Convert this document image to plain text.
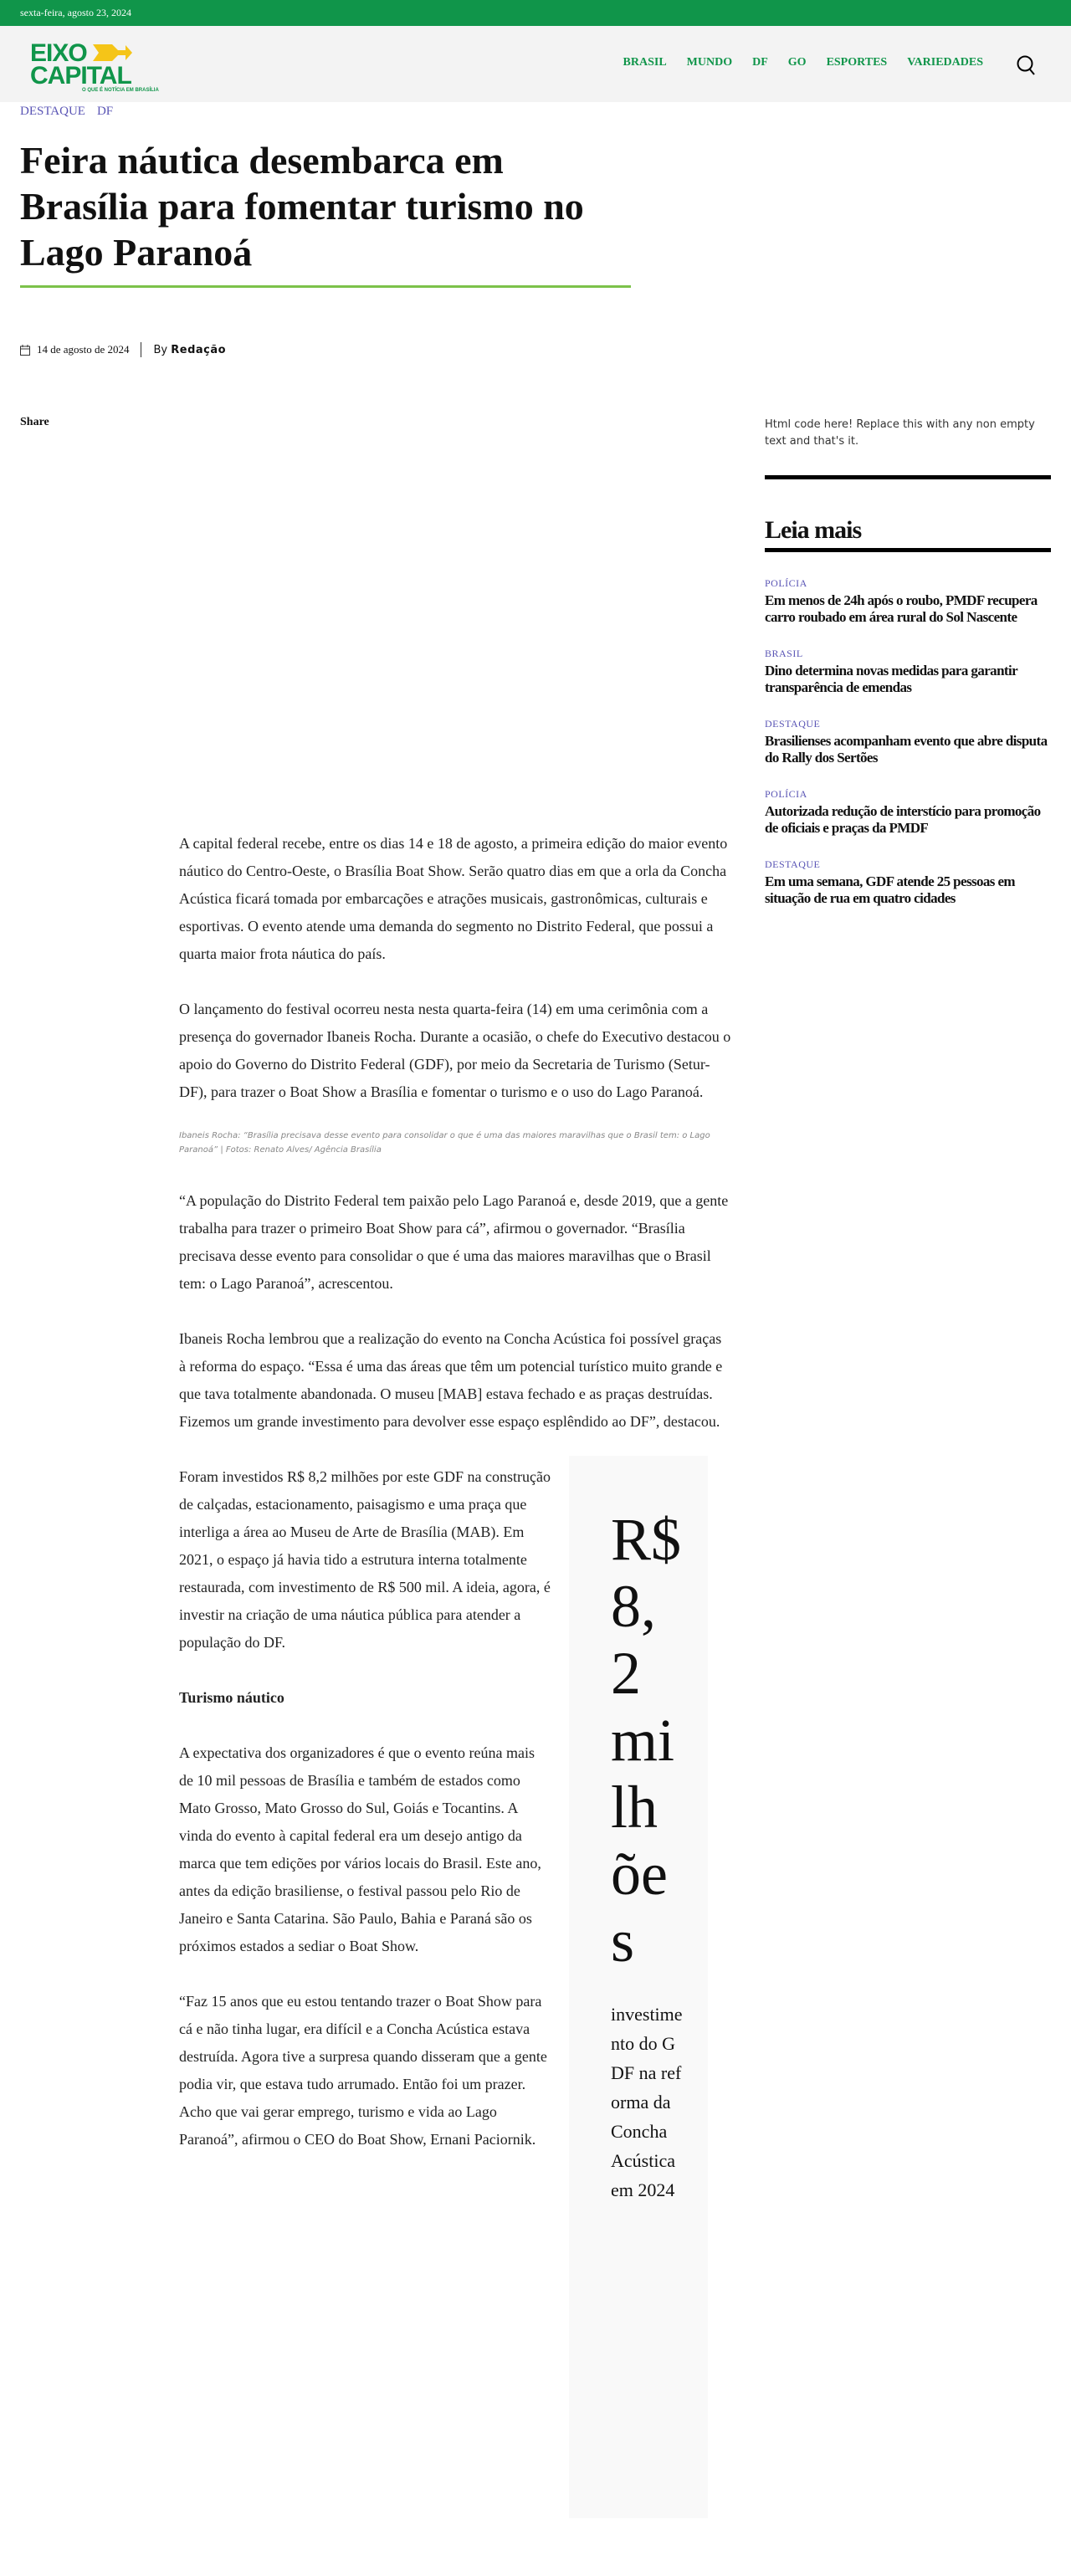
sexta-feira, agosto 23, 2024
EIXO
CAPITAL
O QUE É NOTÍCIA EM BRASÍLIA
BRASIL MUNDO DF GO ESPORTES VARIEDADES
DESTAQUE DF
Feira náutica desembarca em Brasília para fomentar turismo no Lago Paranoá
14 de agosto de 2024 By Redação
Share

A capital federal recebe, entre os dias 14 e 18 de agosto, a primeira edição do maior evento náutico do Centro-Oeste, o Brasília Boat Show. Serão quatro dias em que a orla da Concha Acústica ficará tomada por embarcações e atrações musicais, gastronômicas, culturais e esportivas. O evento atende uma demanda do segmento no Distrito Federal, que possui a quarta maior frota náutica do país.

O lançamento do festival ocorreu nesta nesta quarta-feira (14) em uma cerimônia com a presença do governador Ibaneis Rocha. Durante a ocasião, o chefe do Executivo destacou o apoio do Governo do Distrito Federal (GDF), por meio da Secretaria de Turismo (Setur-DF), para trazer o Boat Show a Brasília e fomentar o turismo e o uso do Lago Paranoá.

Ibaneis Rocha: “Brasília precisava desse evento para consolidar o que é uma das maiores maravilhas que o Brasil tem: o Lago Paranoá” | Fotos: Renato Alves/ Agência Brasília

“A população do Distrito Federal tem paixão pelo Lago Paranoá e, desde 2019, que a gente trabalha para trazer o primeiro Boat Show para cá”, afirmou o governador. “Brasília precisava desse evento para consolidar o que é uma das maiores maravilhas que o Brasil tem: o Lago Paranoá”, acrescentou.

Ibaneis Rocha lembrou que a realização do evento na Concha Acústica foi possível graças à reforma do espaço. “Essa é uma das áreas que têm um potencial turístico muito grande e que tava totalmente abandonada. O museu [MAB] estava fechado e as praças destruídas. Fizemos um grande investimento para devolver esse espaço esplêndido ao DF”, destacou.

Foram investidos R$ 8,2 milhões por este GDF na construção de calçadas, estacionamento, paisagismo e uma praça que interliga a área ao Museu de Arte de Brasília (MAB). Em 2021, o espaço já havia tido a estrutura interna totalmente restaurada, com investimento de R$ 500 mil. A ideia, agora, é investir na criação de uma náutica pública para atender a população do DF.

Turismo náutico

A expectativa dos organizadores é que o evento reúna mais de 10 mil pessoas de Brasília e também de estados como Mato Grosso, Mato Grosso do Sul, Goiás e Tocantins. A vinda do evento à capital federal era um desejo antigo da marca que tem edições por vários locais do Brasil. Este ano, antes da edição brasiliense, o festival passou pelo Rio de Janeiro e Santa Catarina. São Paulo, Bahia e Paraná são os próximos estados a sediar o Boat Show.

“Faz 15 anos que eu estou tentando trazer o Boat Show para cá e não tinha lugar, era difícil e a Concha Acústica estava destruída. Agora tive a surpresa quando disseram que a gente podia vir, que estava tudo arrumado. Então foi um prazer. Acho que vai gerar emprego, turismo e vida ao Lago Paranoá”, afirmou o CEO do Boat Show, Ernani Paciornik.

R$ 8,2 milhões
investimento do GDF na reforma da Concha Acústica em 2024
Html code here! Replace this with any non empty text and that's it.
Leia mais
POLÍCIA
Em menos de 24h após o roubo, PMDF recupera carro roubado em área rural do Sol Nascente
BRASIL
Dino determina novas medidas para garantir transparência de emendas
DESTAQUE
Brasilienses acompanham evento que abre disputa do Rally dos Sertões
POLÍCIA
Autorizada redução de interstício para promoção de oficiais e praças da PMDF
DESTAQUE
Em uma semana, GDF atende 25 pessoas em situação de rua em quatro cidades
